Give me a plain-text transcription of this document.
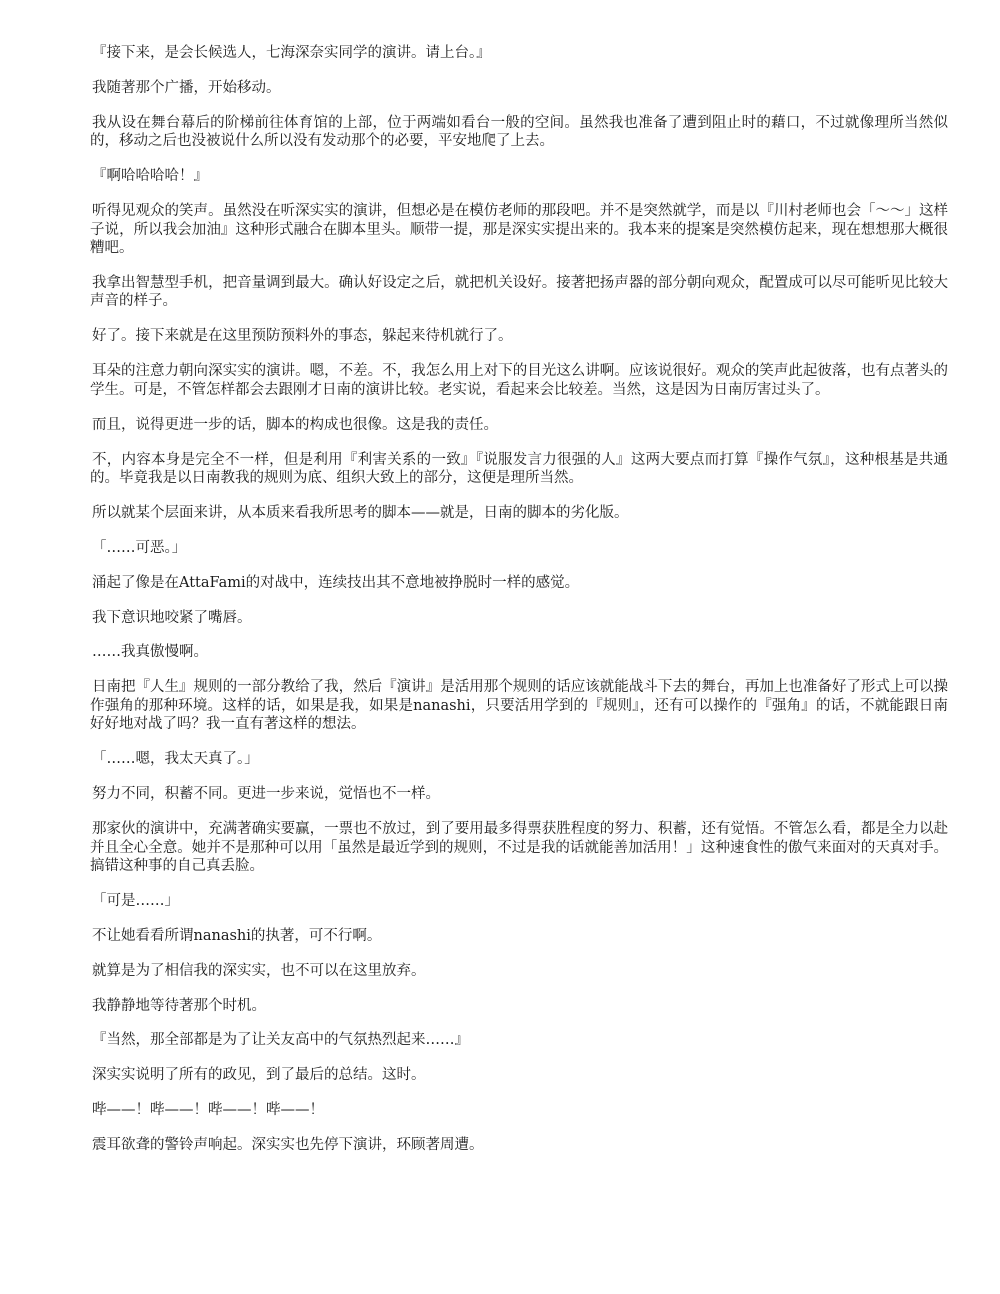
『接下来，是会长候选人，七海深奈实同学的演讲。请上台。』

我随著那个广播，开始移动。

我从设在舞台幕后的阶梯前往体育馆的上部，位于两端如看台一般的空间。虽然我也准备了遭到阻止时的藉口，不过就像理所当然似的，移动之后也没被说什么所以没有发动那个的必要，平安地爬了上去。

『啊哈哈哈哈！』

听得见观众的笑声。虽然没在听深实实的演讲，但想必是在模仿老师的那段吧。并不是突然就学，而是以『川村老师也会「～～」这样子说，所以我会加油』这种形式融合在脚本里头。顺带一提，那是深实实提出来的。我本来的提案是突然模仿起来，现在想想那大概很糟吧。

我拿出智慧型手机，把音量调到最大。确认好设定之后，就把机关设好。接著把扬声器的部分朝向观众，配置成可以尽可能听见比较大声音的样子。

好了。接下来就是在这里预防预料外的事态，躲起来待机就行了。

耳朵的注意力朝向深实实的演讲。嗯，不差。不，我怎么用上对下的目光这么讲啊。应该说很好。观众的笑声此起彼落，也有点著头的学生。可是，不管怎样都会去跟刚才日南的演讲比较。老实说，看起来会比较差。当然，这是因为日南厉害过头了。

而且，说得更进一步的话，脚本的构成也很像。这是我的责任。

不，内容本身是完全不一样，但是利用『利害关系的一致』『说服发言力很强的人』这两大要点而打算『操作气氛』，这种根基是共通的。毕竟我是以日南教我的规则为底、组织大致上的部分，这便是理所当然。

所以就某个层面来讲，从本质来看我所思考的脚本——就是，日南的脚本的劣化版。

「……可恶。」

涌起了像是在AttaFami的对战中，连续技出其不意地被挣脱时一样的感觉。

我下意识地咬紧了嘴唇。

……我真傲慢啊。

日南把『人生』规则的一部分教给了我，然后『演讲』是活用那个规则的话应该就能战斗下去的舞台，再加上也准备好了形式上可以操作强角的那种环境。这样的话，如果是我，如果是nanashi，只要活用学到的『规则』，还有可以操作的『强角』的话，不就能跟日南好好地对战了吗？我一直有著这样的想法。

「……嗯，我太天真了。」

努力不同，积蓄不同。更进一步来说，觉悟也不一样。

那家伙的演讲中，充满著确实要赢，一票也不放过，到了要用最多得票获胜程度的努力、积蓄，还有觉悟。不管怎么看，都是全力以赴并且全心全意。她并不是那种可以用「虽然是最近学到的规则，不过是我的话就能善加活用！」这种速食性的傲气来面对的天真对手。搞错这种事的自己真丢脸。

「可是……」

不让她看看所谓nanashi的执著，可不行啊。

就算是为了相信我的深实实，也不可以在这里放弃。

我静静地等待著那个时机。

『当然，那全部都是为了让关友高中的气氛热烈起来……』

深实实说明了所有的政见，到了最后的总结。这时。

哔——！哔——！哔——！哔——！

震耳欲聋的警铃声响起。深实实也先停下演讲，环顾著周遭。
